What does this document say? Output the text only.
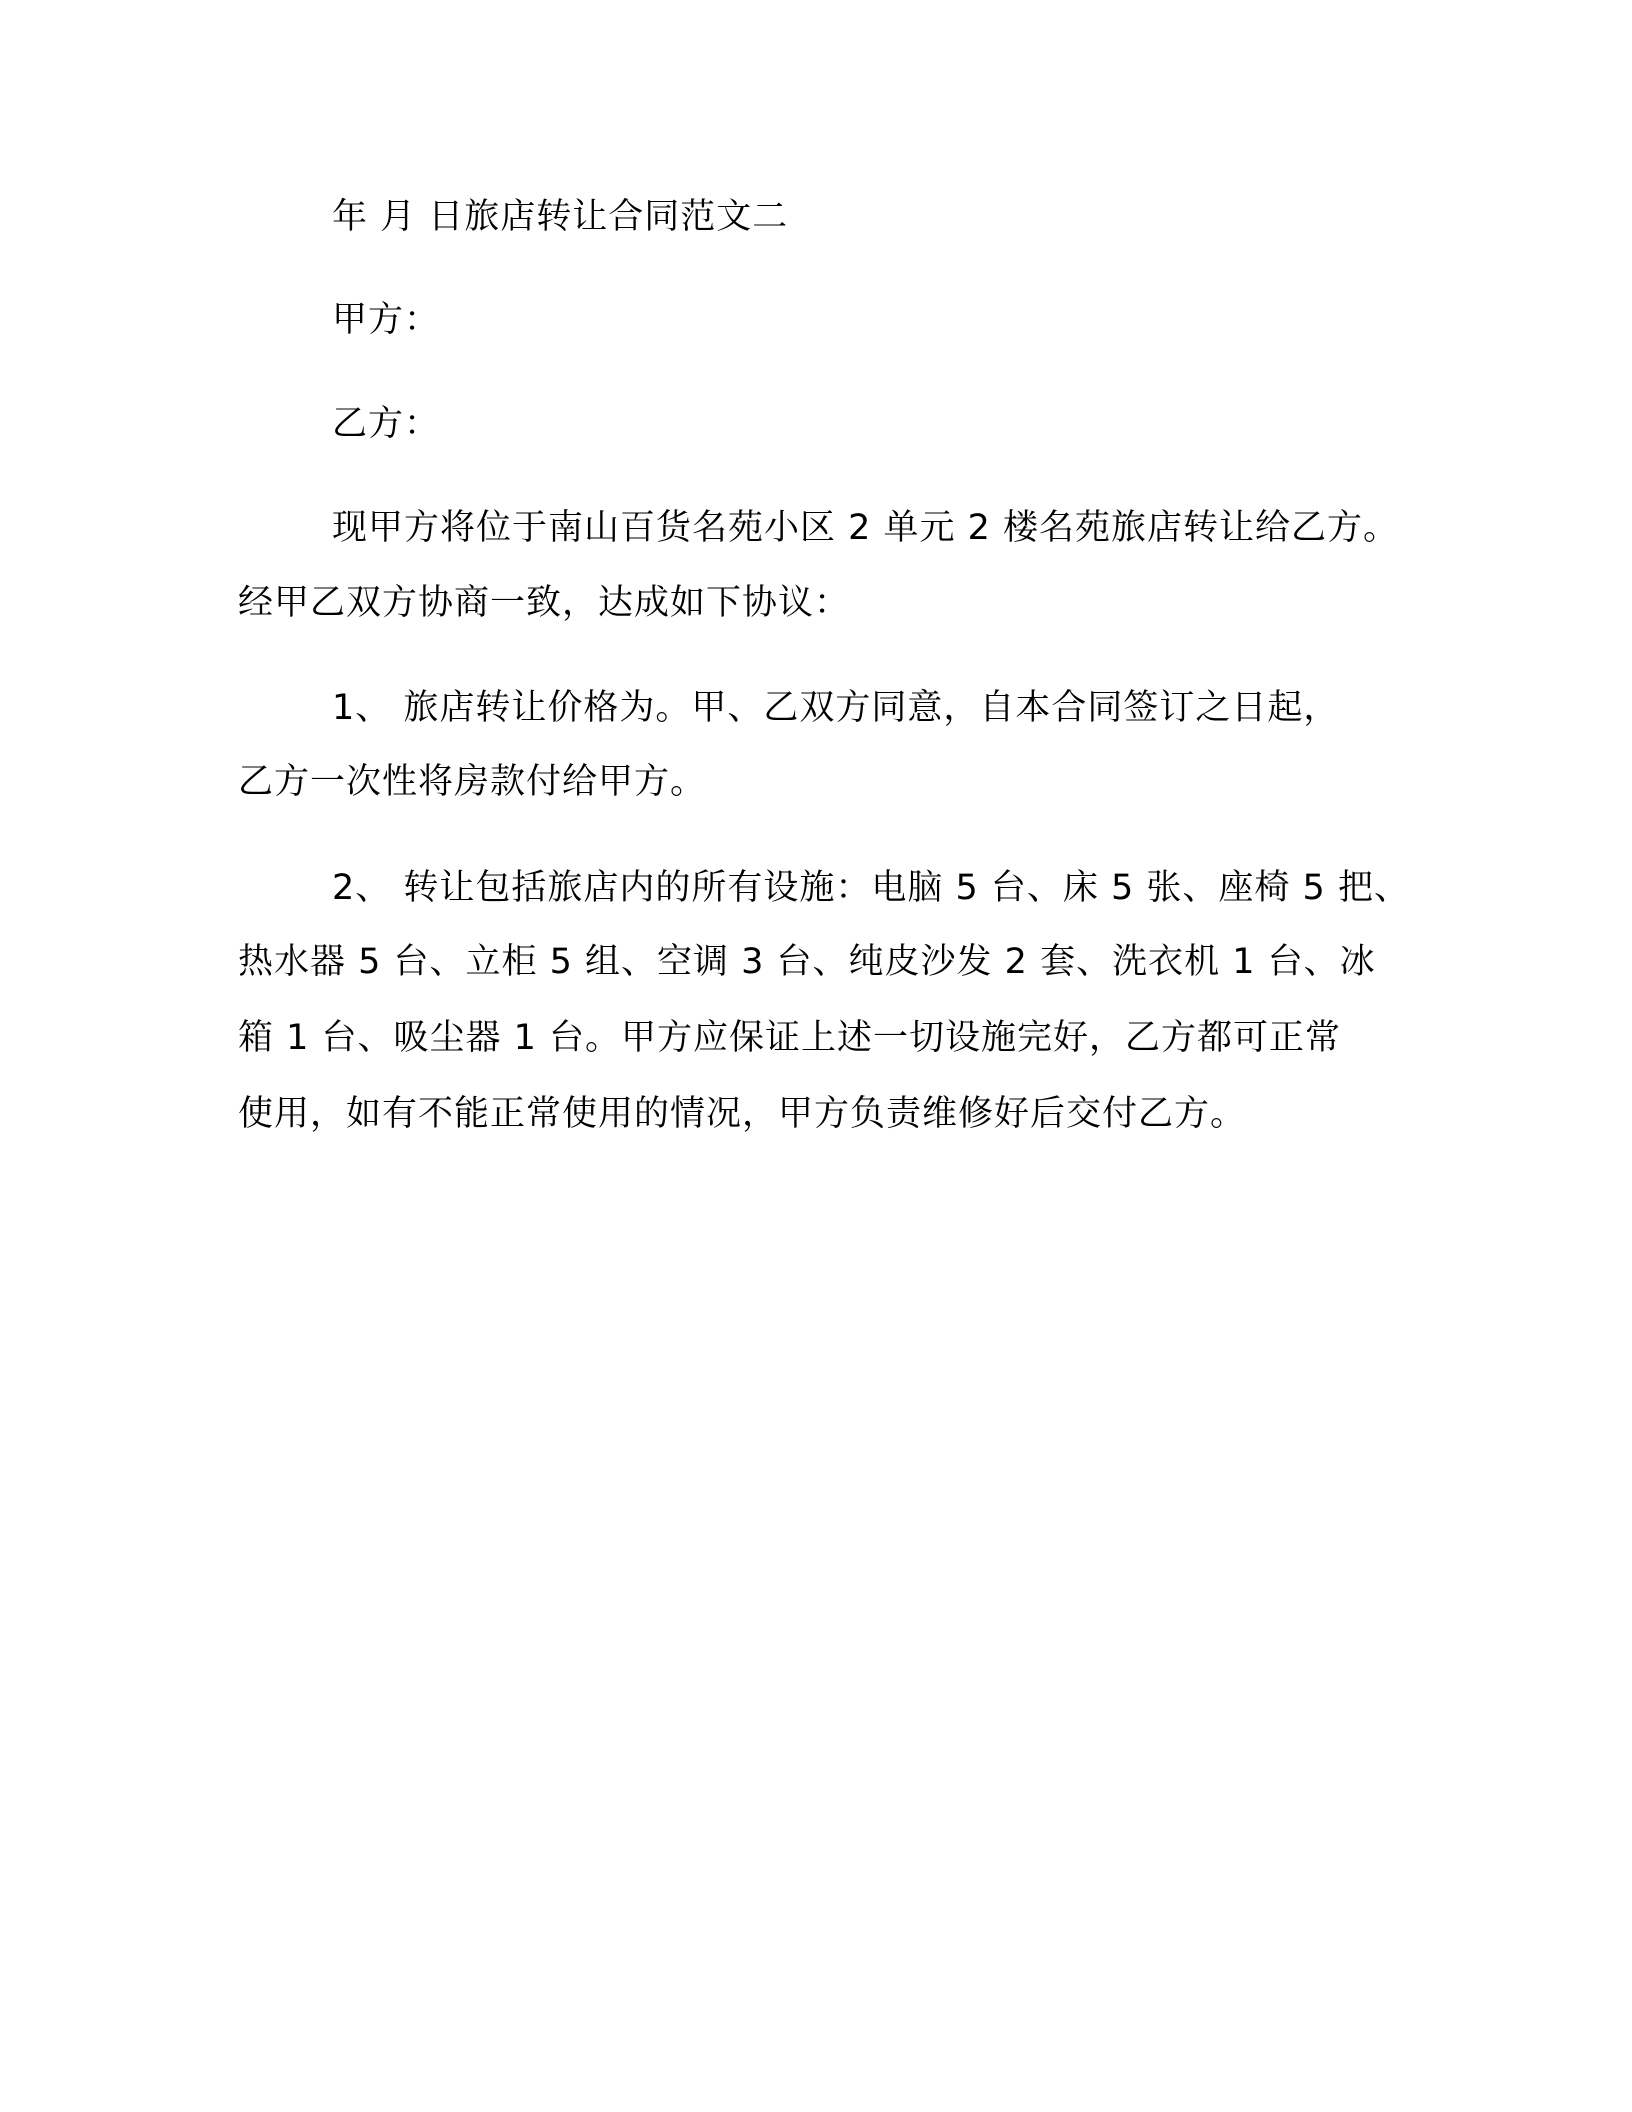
年 月 日旅店转让合同范文二
甲方：
乙方：
现甲方将位于南山百货名苑小区 2 单元 2 楼名苑旅店转让给乙方。
经甲乙双方协商一致，达成如下协议：
1、 旅店转让价格为。甲、乙双方同意，自本合同签订之日起，
乙方一次性将房款付给甲方。
2、 转让包括旅店内的所有设施：电脑 5 台、床 5 张、座椅 5 把、
热水器 5 台、立柜 5 组、空调 3 台、纯皮沙发 2 套、洗衣机 1 台、冰
箱 1 台、吸尘器 1 台。甲方应保证上述一切设施完好，乙方都可正常
使用，如有不能正常使用的情况，甲方负责维修好后交付乙方。
